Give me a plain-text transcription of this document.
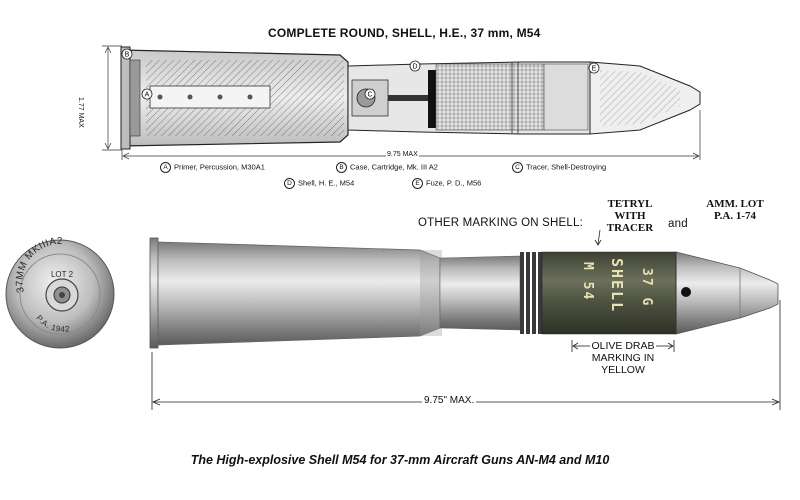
A
B
C
D	E
37MM MKIIIA2
LOT 2
P.A. 1942
37 G
SHELL
M 54
COMPLETE ROUND, SHELL, H.E., 37 mm, M54
9.75 MAX
1.77 MAX
A Primer, Percussion, M30A1	B Case, Cartridge, Mk. III A2	C Tracer, Shell-Destroying
D Shell, H. E., M54	E Fuze, P. D., M56
OTHER MARKING ON SHELL:
TETRYL WITH TRACER	and
AMM. LOT P.A. 1-74
OLIVE DRAB MARKING IN YELLOW
9.75" MAX.
The High-explosive Shell M54 for 37-mm Aircraft Guns AN-M4 and M10
